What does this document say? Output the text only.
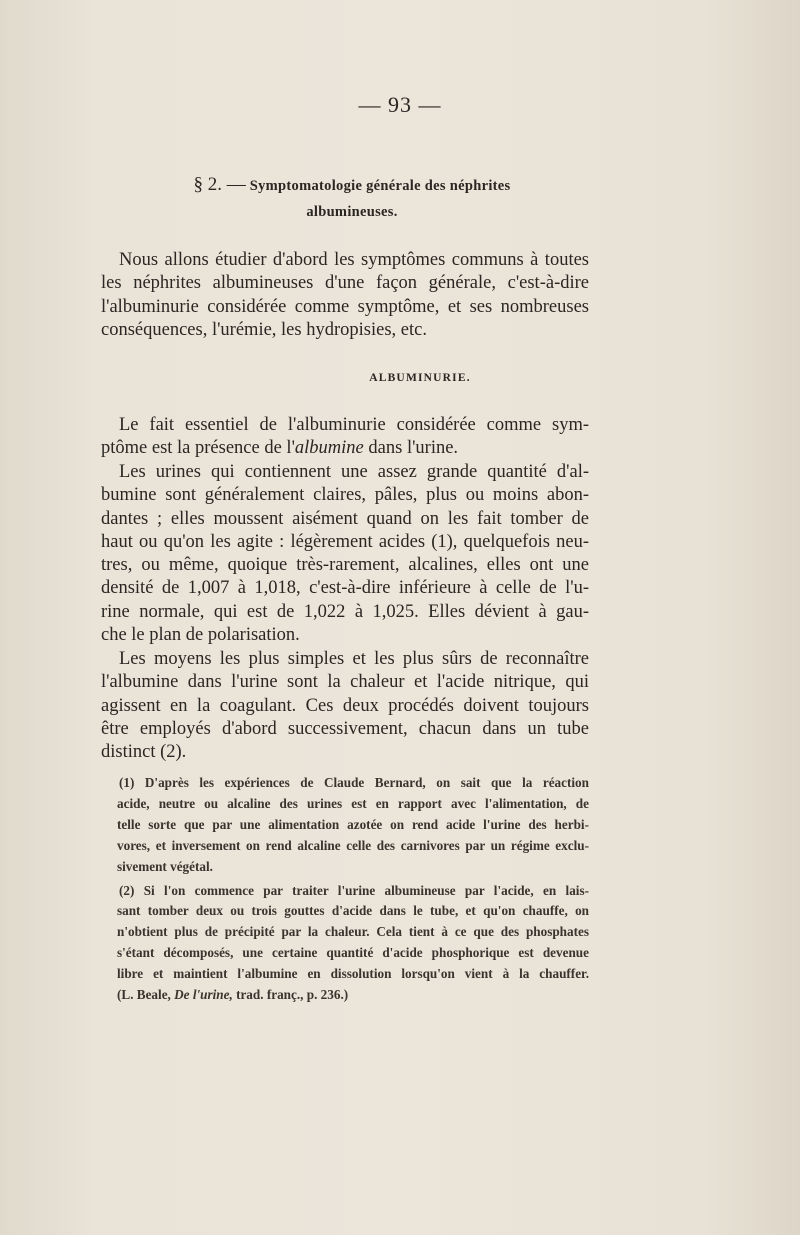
— 93 —
§ 2. — Symptomatologie générale des néphrites
albumineuses.
Nous allons étudier d'abord les symptômes communs à toutes
les néphrites albumineuses d'une façon générale, c'est-à-dire
l'albuminurie considérée comme symptôme, et ses nombreuses
conséquences, l'urémie, les hydropisies, etc.
ALBUMINURIE.
Le fait essentiel de l'albuminurie considérée comme sym-
ptôme est la présence de l'albumine dans l'urine.
Les urines qui contiennent une assez grande quantité d'al-
bumine sont généralement claires, pâles, plus ou moins abon-
dantes ; elles moussent aisément quand on les fait tomber de
haut ou qu'on les agite : légèrement acides (1), quelquefois neu-
tres, ou même, quoique très-rarement, alcalines, elles ont une
densité de 1,007 à 1,018, c'est-à-dire inférieure à celle de l'u-
rine normale, qui est de 1,022 à 1,025. Elles dévient à gau-
che le plan de polarisation.
Les moyens les plus simples et les plus sûrs de reconnaître
l'albumine dans l'urine sont la chaleur et l'acide nitrique, qui
agissent en la coagulant. Ces deux procédés doivent toujours
être employés d'abord successivement, chacun dans un tube
distinct (2).

(1) D'après les expériences de Claude Bernard, on sait que la réaction
acide, neutre ou alcaline des urines est en rapport avec l'alimentation, de
telle sorte que par une alimentation azotée on rend acide l'urine des herbi-
vores, et inversement on rend alcaline celle des carnivores par un régime exclu-
sivement végétal.

(2) Si l'on commence par traiter l'urine albumineuse par l'acide, en lais-
sant tomber deux ou trois gouttes d'acide dans le tube, et qu'on chauffe, on
n'obtient plus de précipité par la chaleur. Cela tient à ce que des phosphates
s'étant décomposés, une certaine quantité d'acide phosphorique est devenue
libre et maintient l'albumine en dissolution lorsqu'on vient à la chauffer.
(L. Beale, De l'urine, trad. franç., p. 236.)
